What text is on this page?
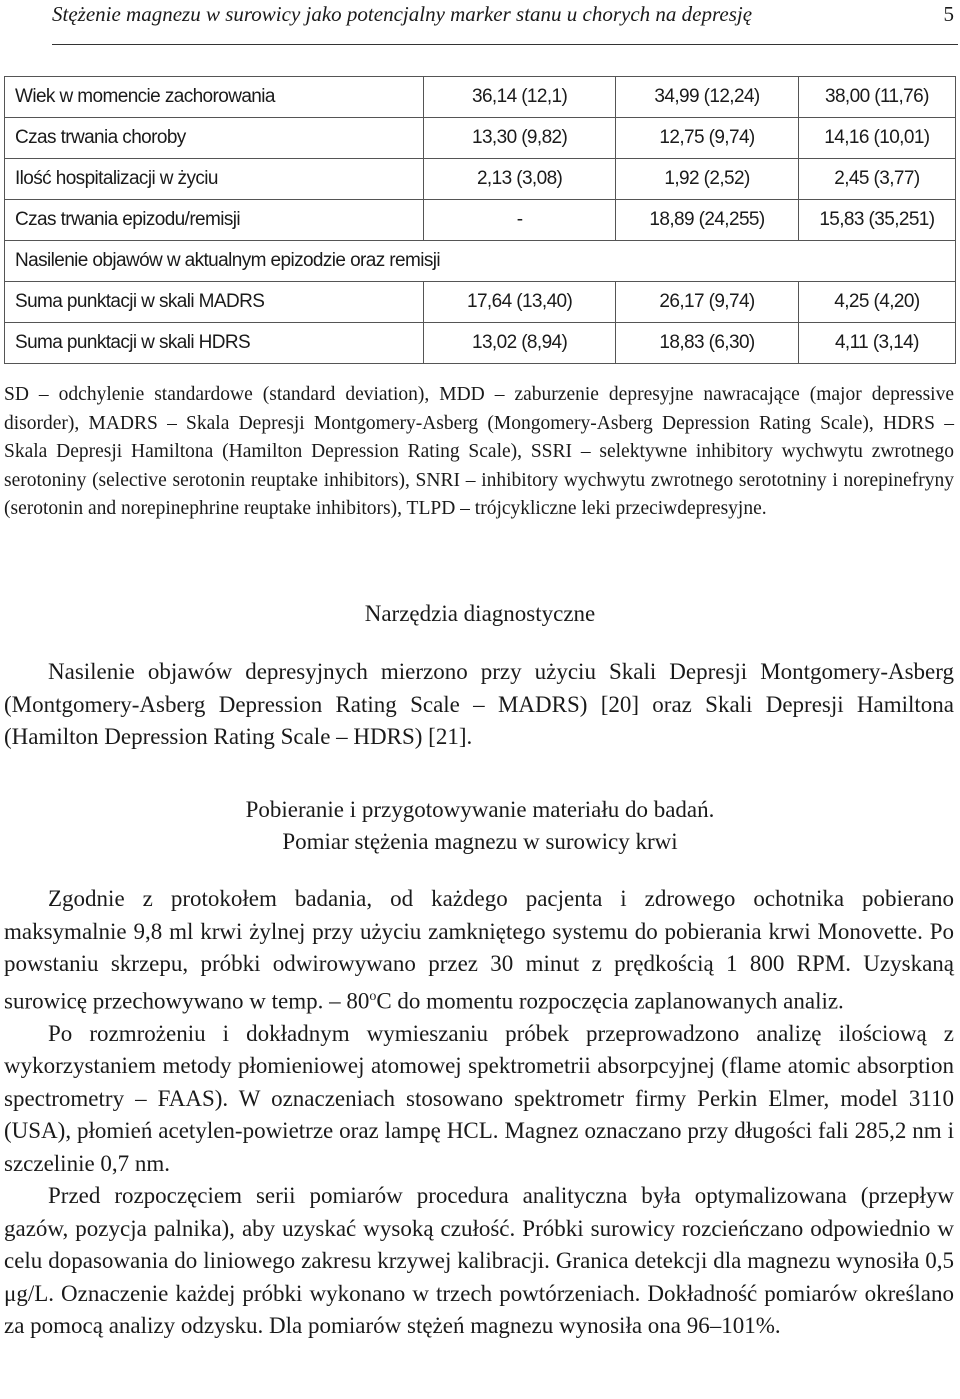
Stężenie magnezu w surowicy jako potencjalny marker stanu u chorych na depresję	5
Wiek w momencie zachorowania	36,14 (12,1)	34,99 (12,24)	38,00 (11,76)
Czas trwania choroby	13,30 (9,82)	12,75 (9,74)	14,16 (10,01)
Ilość hospitalizacji w życiu	2,13 (3,08)	1,92 (2,52)	2,45 (3,77)
Czas trwania epizodu/remisji	-	18,89 (24,255)	15,83 (35,251)
Nasilenie objawów w aktualnym epizodzie oraz remisji			
Suma punktacji w skali MADRS	17,64 (13,40)	26,17 (9,74)	4,25 (4,20)
Suma punktacji w skali HDRS	13,02 (8,94)	18,83 (6,30)	4,11 (3,14)
SD – odchylenie standardowe (standard deviation), MDD – zaburzenie depresyjne nawracające (major depressive disorder), MADRS – Skala Depresji Montgomery-Asberg (Mongomery-Asberg Depression Rating Scale), HDRS – Skala Depresji Hamiltona (Hamilton Depression Rating Scale), SSRI – selektywne inhibitory wychwytu zwrotnego serotoniny (selective serotonin reuptake inhibitors), SNRI – inhibitory wychwytu zwrotnego serototniny i norepinefryny (serotonin and norepinephrine reuptake inhibitors), TLPD – trójcykliczne leki przeciwdepresyjne.
Narzędzia diagnostyczne

Nasilenie objawów depresyjnych mierzono przy użyciu Skali Depresji Montgomery-Asberg (Montgomery-Asberg Depression Rating Scale – MADRS) [20] oraz Skali Depresji Hamiltona (Hamilton Depression Rating Scale – HDRS) [21].

Pobieranie i przygotowywanie materiału do badań.
Pomiar stężenia magnezu w surowicy krwi

Zgodnie z protokołem badania, od każdego pacjenta i zdrowego ochotnika pobierano maksymalnie 9,8 ml krwi żylnej przy użyciu zamkniętego systemu do pobierania krwi Monovette. Po powstaniu skrzepu, próbki odwirowywano przez 30 minut z prędkością 1 800 RPM. Uzyskaną surowicę przechowywano w temp. – 80$^o$C do momentu rozpoczęcia zaplanowanych analiz.

Po rozmrożeniu i dokładnym wymieszaniu próbek przeprowadzono analizę ilościową z wykorzystaniem metody płomieniowej atomowej spektrometrii absorpcyjnej (flame atomic absorption spectrometry – FAAS). W oznaczeniach stosowano spektrometr firmy Perkin Elmer, model 3110 (USA), płomień acetylen-powietrze oraz lampę HCL. Magnez oznaczano przy długości fali 285,2 nm i szczelinie 0,7 nm.

Przed rozpoczęciem serii pomiarów procedura analityczna była optymalizowana (przepływ gazów, pozycja palnika), aby uzyskać wysoką czułość. Próbki surowicy rozcieńczano odpowiednio w celu dopasowania do liniowego zakresu krzywej kalibracji. Granica detekcji dla magnezu wynosiła 0,5 μg/L. Oznaczenie każdej próbki wykonano w trzech powtórzeniach. Dokładność pomiarów określano za pomocą analizy odzysku. Dla pomiarów stężeń magnezu wynosiła ona 96–101%.
